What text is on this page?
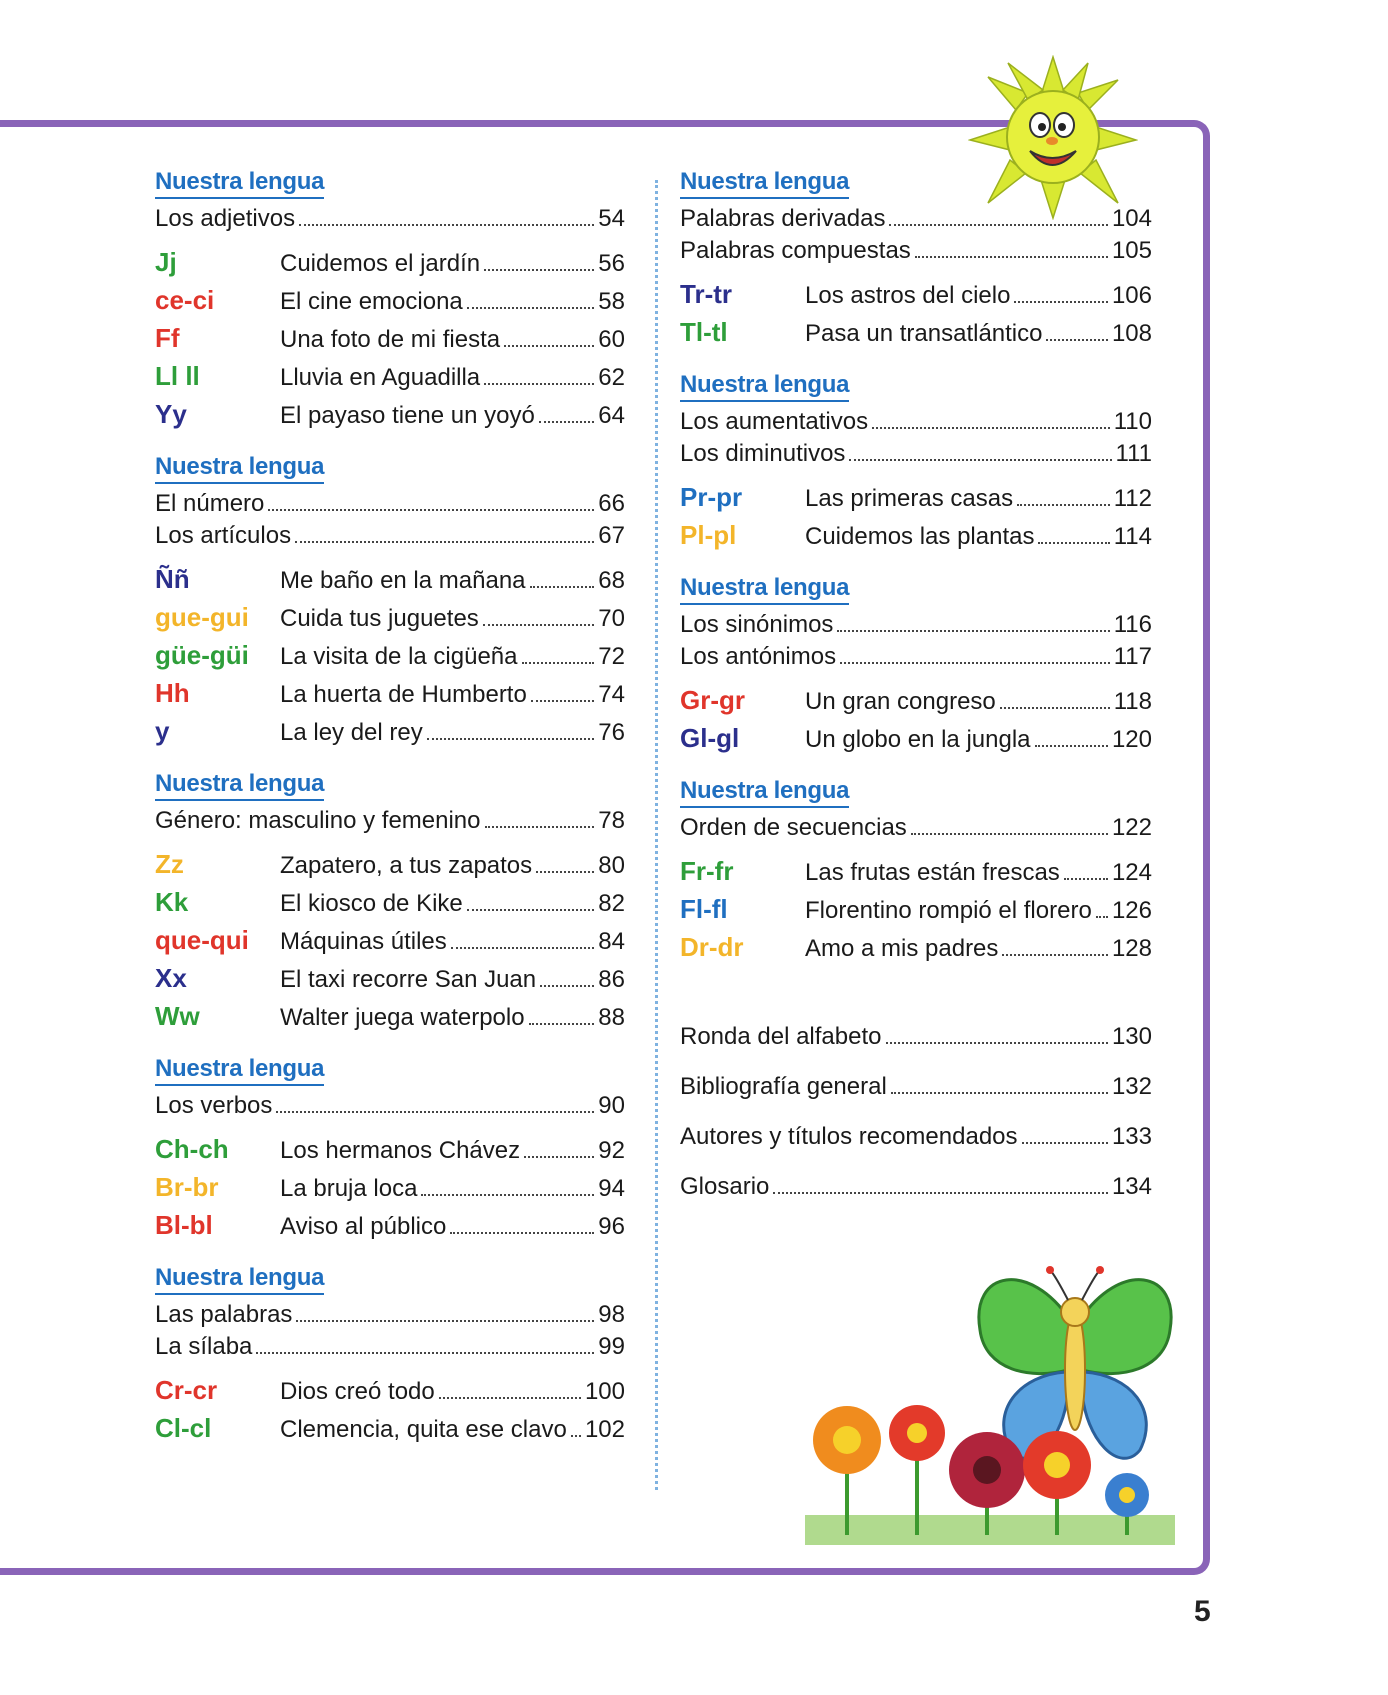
Nuestra lengua
Los adjetivos	54
Jj	Cuidemos el jardín	56
ce-ci	El cine emociona	58
Ff	Una foto de mi fiesta	60
Ll ll	Lluvia en Aguadilla	62
Yy	El payaso tiene un yoyó	64
Nuestra lengua
El número	66
Los artículos	67
Ññ	Me baño en la mañana	68
gue-gui	Cuida tus juguetes	70
güe-güi	La visita de la cigüeña	72
Hh	La huerta de Humberto	74
y	La ley del rey	76
Nuestra lengua
Género: masculino y femenino	78
Zz	Zapatero, a tus zapatos	80
Kk	El kiosco de Kike	82
que-qui	Máquinas útiles	84
Xx	El taxi recorre San Juan	86
Ww	Walter juega waterpolo	88
Nuestra lengua
Los verbos	90
Ch-ch	Los hermanos Chávez	92
Br-br	La bruja loca	94
Bl-bl	Aviso al público	96
Nuestra lengua
Las palabras	98
La sílaba	99
Cr-cr	Dios creó todo	100
Cl-cl	Clemencia, quita ese clavo 102
Nuestra lengua
Palabras derivadas	104
Palabras compuestas	105
Tr-tr	Los astros del cielo	106
Tl-tl	Pasa un transatlántico	108
Nuestra lengua
Los aumentativos	110
Los diminutivos	111
Pr-pr	Las primeras casas	112
Pl-pl	Cuidemos las plantas	114
Nuestra lengua
Los sinónimos	116
Los antónimos	117
Gr-gr	Un gran congreso	118
Gl-gl	Un globo en la jungla	120
Nuestra lengua
Orden de secuencias	122
Fr-fr	Las frutas están frescas 124
Fl-fl	Florentino rompió el florero 126
Dr-dr	Amo a mis padres	128
Ronda del alfabeto	130
Bibliografía general	132
Autores y títulos recomendados	133
Glosario	134
5
